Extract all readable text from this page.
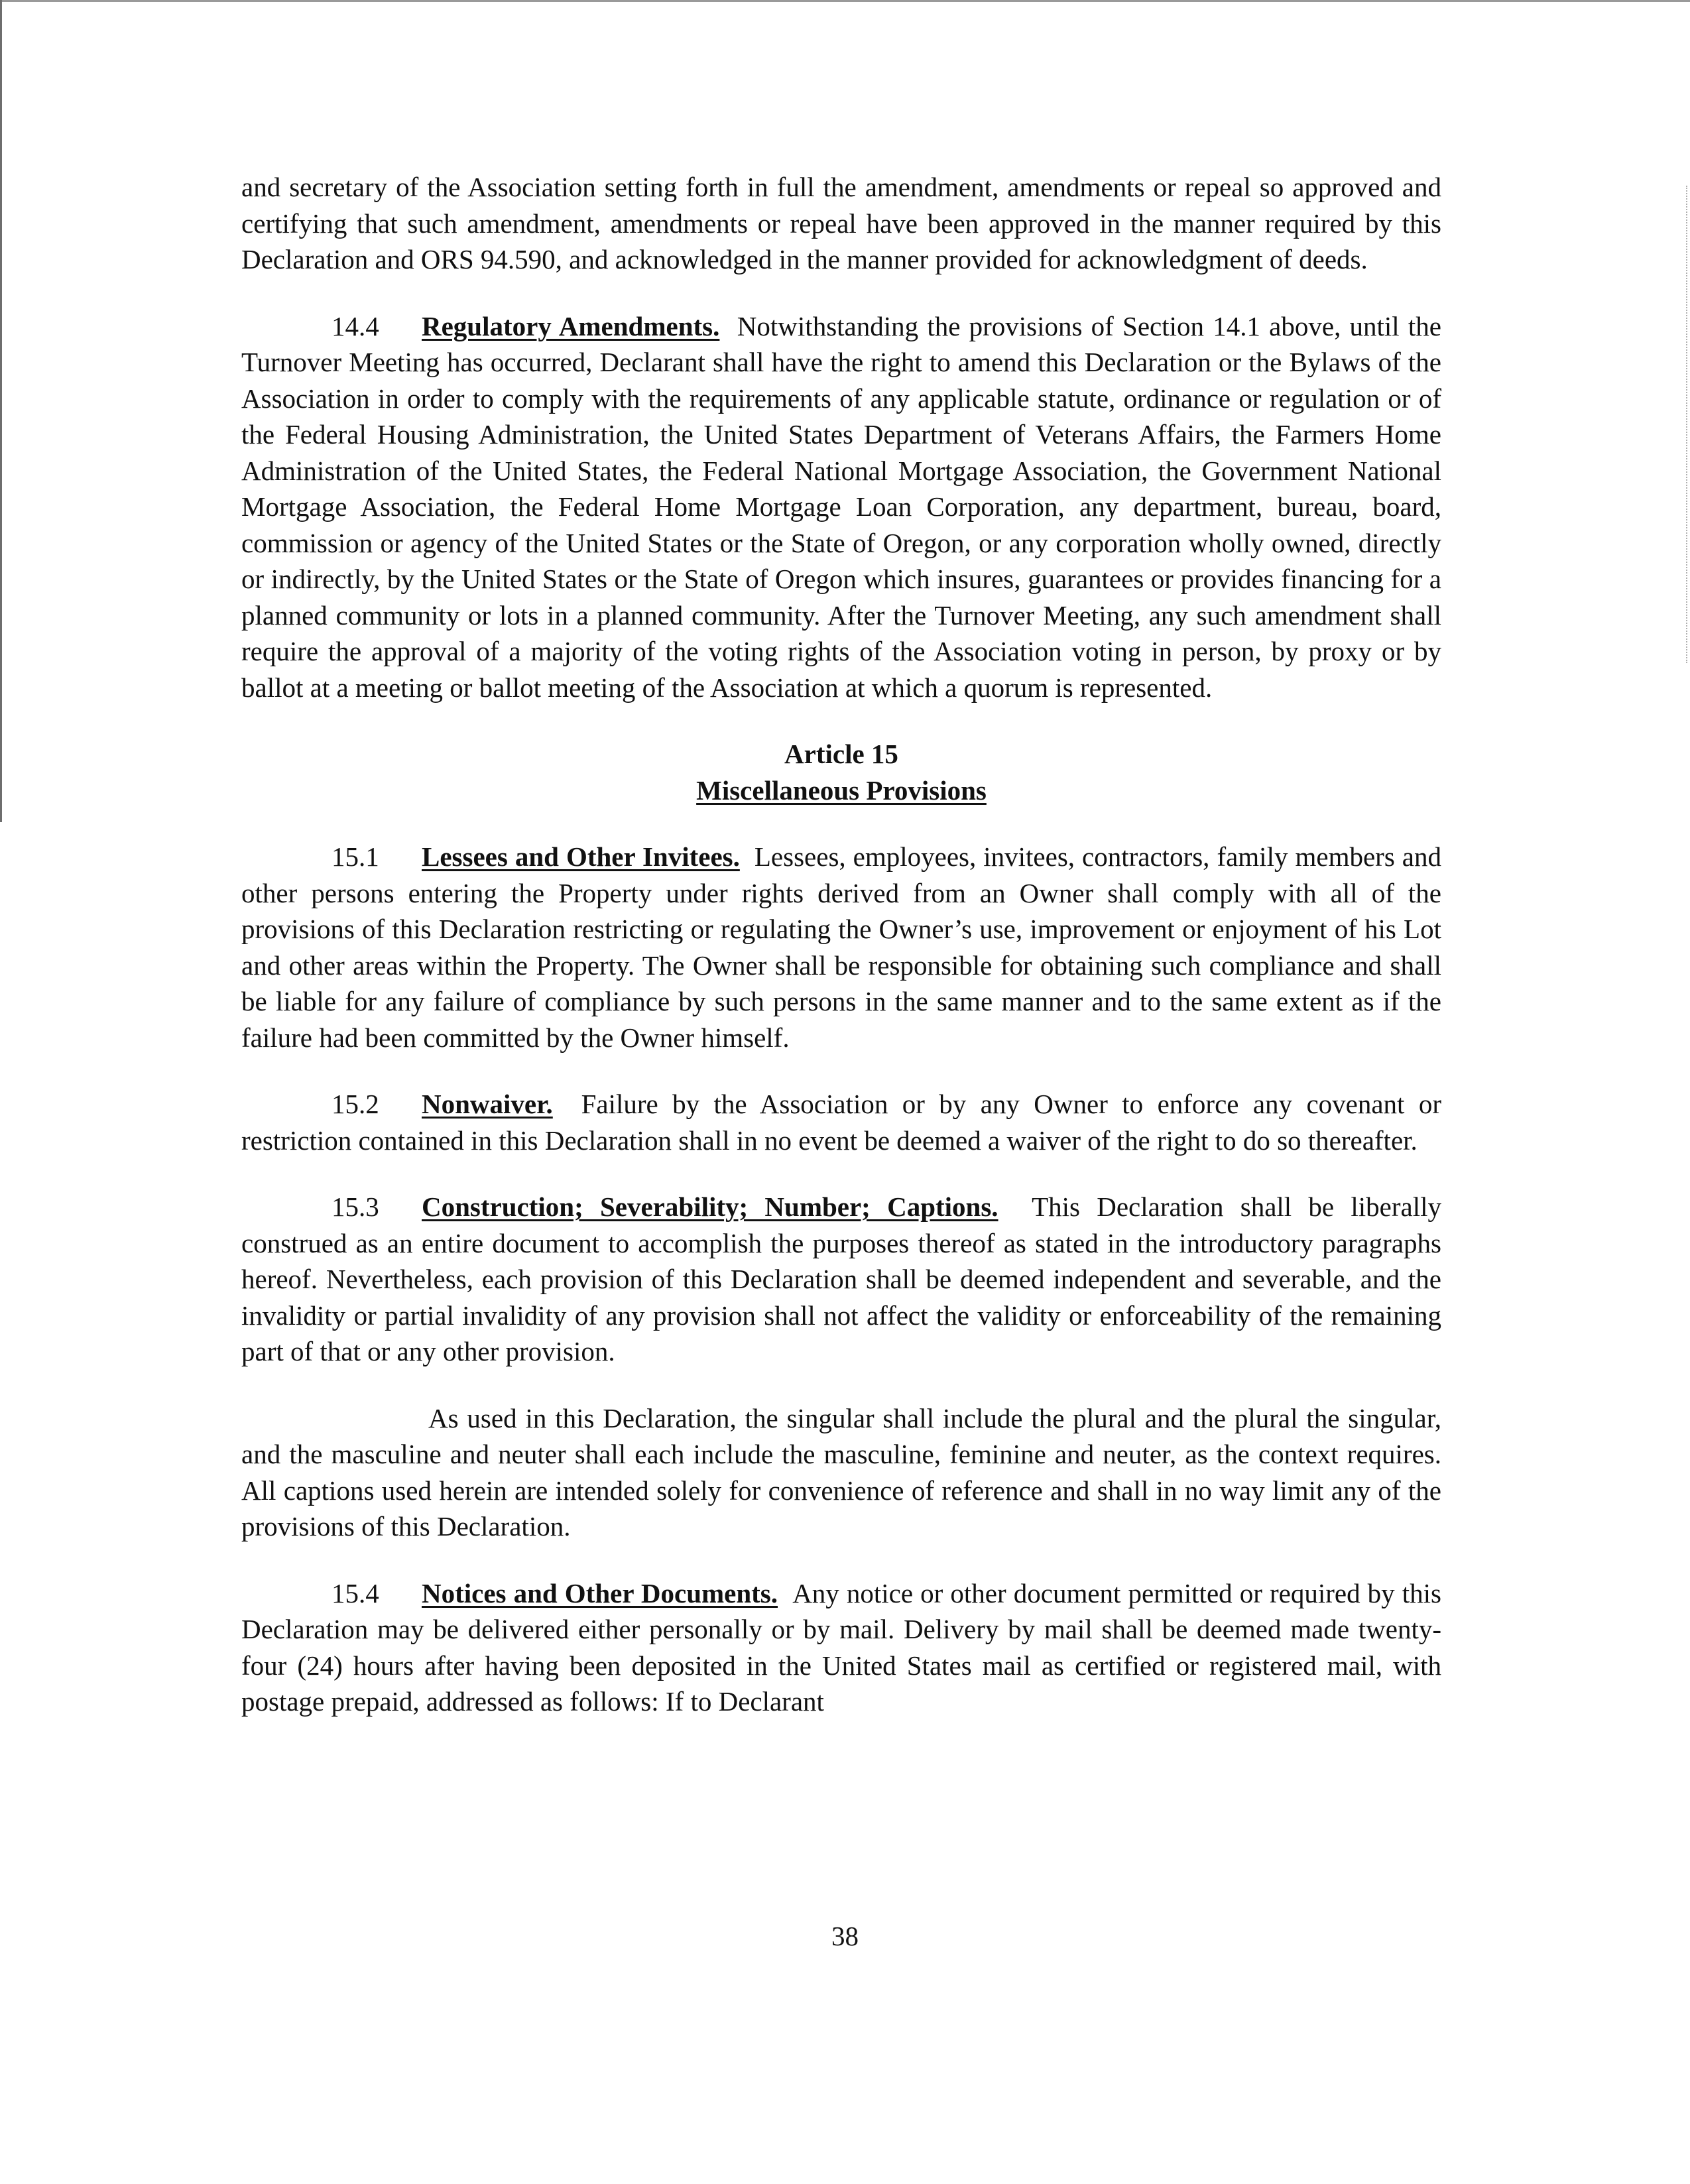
and secretary of the Association setting forth in full the amendment, amendments or repeal so approved and certifying that such amendment, amendments or repeal have been approved in the manner required by this Declaration and ORS 94.590, and acknowledged in the manner provided for acknowledgment of deeds.

14.4 Regulatory Amendments. Notwithstanding the provisions of Section 14.1 above, until the Turnover Meeting has occurred, Declarant shall have the right to amend this Declaration or the Bylaws of the Association in order to comply with the requirements of any applicable statute, ordinance or regulation or of the Federal Housing Administration, the United States Department of Veterans Affairs, the Farmers Home Administration of the United States, the Federal National Mortgage Association, the Government National Mortgage Association, the Federal Home Mortgage Loan Corporation, any department, bureau, board, commission or agency of the United States or the State of Oregon, or any corporation wholly owned, directly or indirectly, by the United States or the State of Oregon which insures, guarantees or provides financing for a planned community or lots in a planned community. After the Turnover Meeting, any such amendment shall require the approval of a majority of the voting rights of the Association voting in person, by proxy or by ballot at a meeting or ballot meeting of the Association at which a quorum is represented.

Article 15

Miscellaneous Provisions

15.1 Lessees and Other Invitees. Lessees, employees, invitees, contractors, family members and other persons entering the Property under rights derived from an Owner shall comply with all of the provisions of this Declaration restricting or regulating the Owner’s use, improvement or enjoyment of his Lot and other areas within the Property. The Owner shall be responsible for obtaining such compliance and shall be liable for any failure of compliance by such persons in the same manner and to the same extent as if the failure had been committed by the Owner himself.

15.2 Nonwaiver. Failure by the Association or by any Owner to enforce any covenant or restriction contained in this Declaration shall in no event be deemed a waiver of the right to do so thereafter.

15.3 Construction; Severability; Number; Captions. This Declaration shall be liberally construed as an entire document to accomplish the purposes thereof as stated in the introductory paragraphs hereof. Nevertheless, each provision of this Declaration shall be deemed independent and severable, and the invalidity or partial invalidity of any provision shall not affect the validity or enforceability of the remaining part of that or any other provision.

As used in this Declaration, the singular shall include the plural and the plural the singular, and the masculine and neuter shall each include the masculine, feminine and neuter, as the context requires. All captions used herein are intended solely for convenience of reference and shall in no way limit any of the provisions of this Declaration.

15.4 Notices and Other Documents. Any notice or other document permitted or required by this Declaration may be delivered either personally or by mail. Delivery by mail shall be deemed made twenty-four (24) hours after having been deposited in the United States mail as certified or registered mail, with postage prepaid, addressed as follows: If to Declarant

38
